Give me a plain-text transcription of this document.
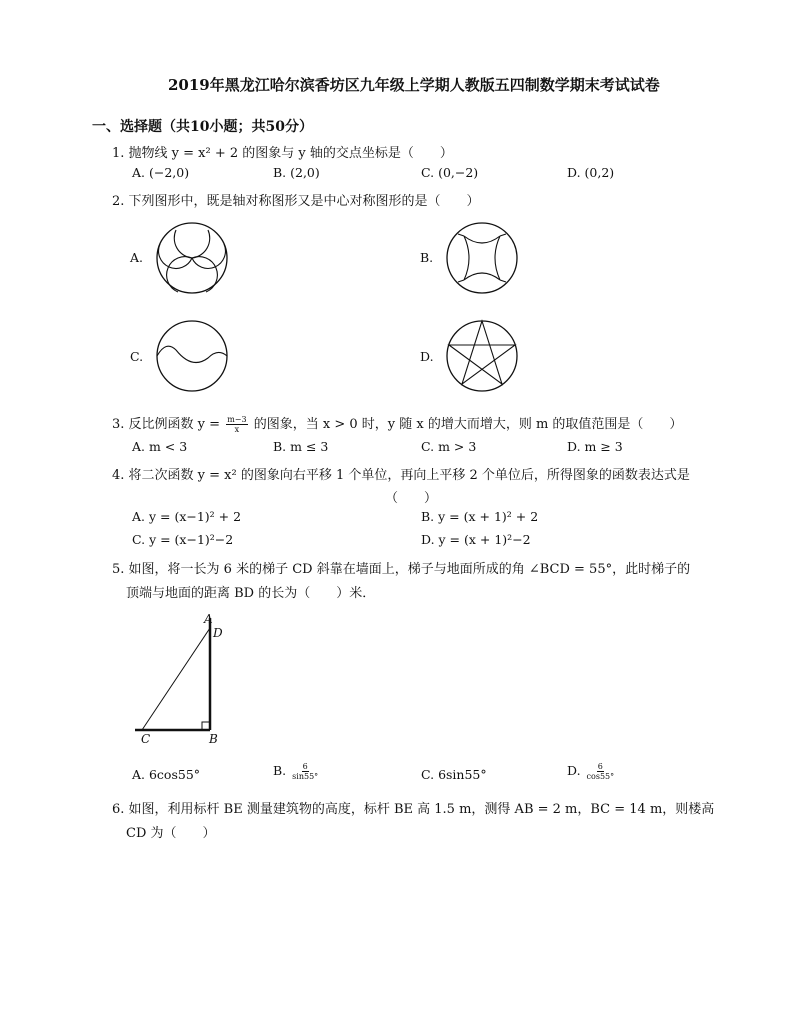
2019年黑龙江哈尔滨香坊区九年级上学期人教版五四制数学期末考试试卷
一、选择题（共10小题；共50分）
1. 抛物线 y = x² + 2 的图象与 y 轴的交点坐标是（　　）
A. (−2,0)	B. (2,0)	C. (0,−2)	D. (0,2)
2. 下列图形中，既是轴对称图形又是中心对称图形的是（　　）
A.	B.
C.	D.
3. 反比例函数 $y = \frac{m-3}{x}$ 的图象，当 x > 0 时，y 随 x 的增大而增大，则 m 的取值范围是（　　）
A. m < 3	B. m ≤ 3	C. m > 3	D. m ≥ 3
4. 将二次函数 y = x² 的图象向右平移 1 个单位，再向上平移 2 个单位后，所得图象的函数表达式是
（　　）
A. y = (x−1)² + 2	B. y = (x + 1)² + 2
C. y = (x−1)²−2	D. y = (x + 1)²−2
5. 如图，将一长为 6 米的梯子 CD 斜靠在墙面上，梯子与地面所成的角 ∠BCD = 55°，此时梯子的
顶端与地面的距离 BD 的长为（　　）米．
A
D
C	B
A. 6cos55°	B. $\frac{6}{\sin 55^\circ}$	C. 6sin55°	D. $\frac{6}{\cos 55^\circ}$
6. 如图，利用标杆 BE 测量建筑物的高度，标杆 BE 高 1.5 m，测得 AB = 2 m，BC = 14 m，则楼高
CD 为（　　）
